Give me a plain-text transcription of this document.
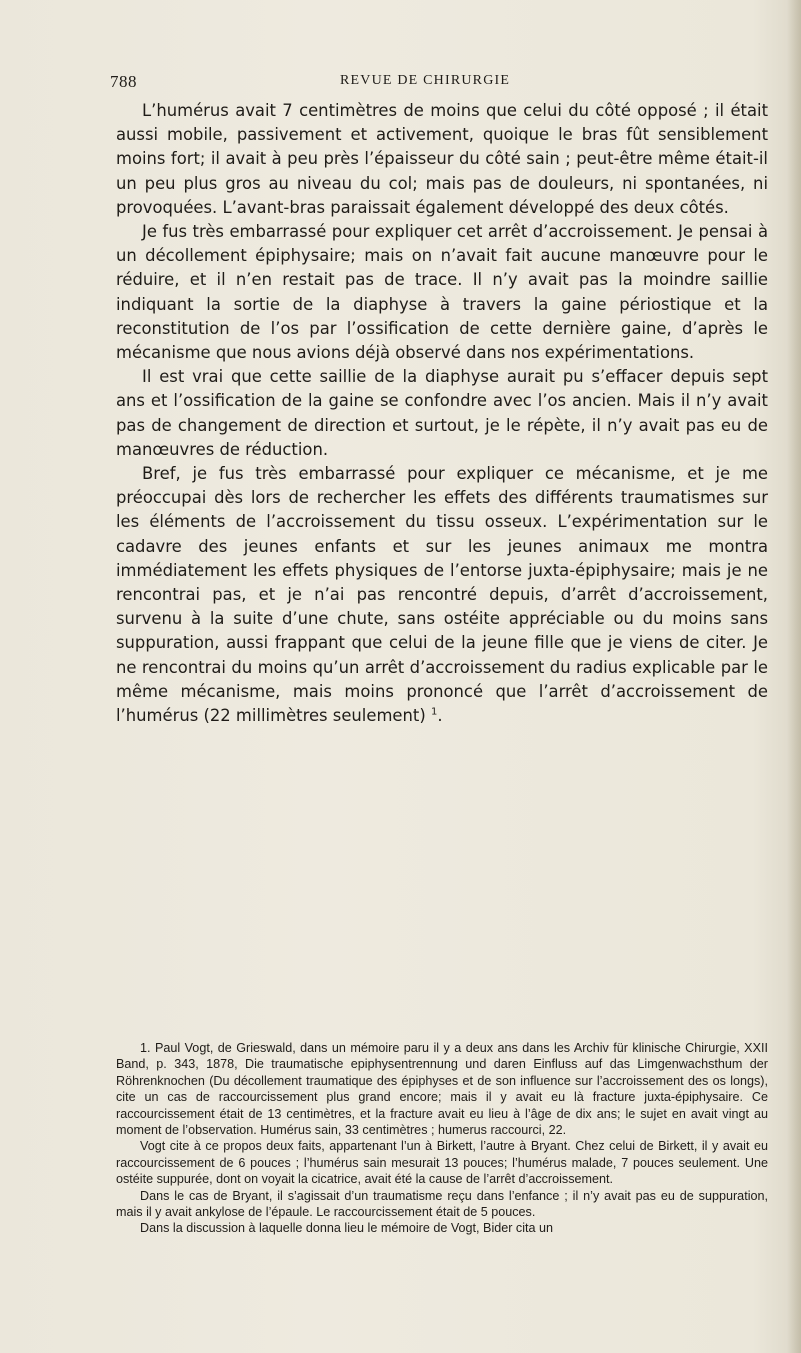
788	REVUE DE CHIRURGIE

L’humérus avait 7 centimètres de moins que celui du côté opposé ; il était aussi mobile, passivement et activement, quoique le bras fût sensiblement moins fort; il avait à peu près l’épaisseur du côté sain ; peut-être même était-il un peu plus gros au niveau du col; mais pas de douleurs, ni spontanées, ni provoquées. L’avant-bras paraissait également développé des deux côtés.

Je fus très embarrassé pour expliquer cet arrêt d’accroissement. Je pensai à un décollement épiphysaire; mais on n’avait fait aucune manœuvre pour le réduire, et il n’en restait pas de trace. Il n’y avait pas la moindre saillie indiquant la sortie de la diaphyse à travers la gaine périostique et la reconstitution de l’os par l’ossification de cette dernière gaine, d’après le mécanisme que nous avions déjà observé dans nos expérimentations.

Il est vrai que cette saillie de la diaphyse aurait pu s’effacer depuis sept ans et l’ossification de la gaine se confondre avec l’os ancien. Mais il n’y avait pas de changement de direction et surtout, je le répète, il n’y avait pas eu de manœuvres de réduction.

Bref, je fus très embarrassé pour expliquer ce mécanisme, et je me préoccupai dès lors de rechercher les effets des différents traumatismes sur les éléments de l’accroissement du tissu osseux. L’expérimentation sur le cadavre des jeunes enfants et sur les jeunes animaux me montra immédiatement les effets physiques de l’entorse juxta-épiphysaire; mais je ne rencontrai pas, et je n’ai pas rencontré depuis, d’arrêt d’accroissement, survenu à la suite d’une chute, sans ostéite appréciable ou du moins sans suppuration, aussi frappant que celui de la jeune fille que je viens de citer. Je ne rencontrai du moins qu’un arrêt d’accroissement du radius explicable par le même mécanisme, mais moins prononcé que l’arrêt d’accroissement de l’humérus (22 millimètres seulement) $^1$.

1. Paul Vogt, de Grieswald, dans un mémoire paru il y a deux ans dans les Archiv für klinische Chirurgie, XXII Band, p. 343, 1878, Die traumatische epiphysentrennung und daren Einfluss auf das Limgenwachsthum der Röhrenknochen (Du décollement traumatique des épiphyses et de son influence sur l’accroissement des os longs), cite un cas de raccourcissement plus grand encore; mais il y avait eu là fracture juxta-épiphysaire. Ce raccourcissement était de 13 centimètres, et la fracture avait eu lieu à l’âge de dix ans; le sujet en avait vingt au moment de l’observation. Humérus sain, 33 centimètres ; humerus raccourci, 22.

Vogt cite à ce propos deux faits, appartenant l’un à Birkett, l’autre à Bryant. Chez celui de Birkett, il y avait eu raccourcissement de 6 pouces ; l’humérus sain mesurait 13 pouces; l’humérus malade, 7 pouces seulement. Une ostéite suppurée, dont on voyait la cicatrice, avait été la cause de l’arrêt d’accroissement.

Dans le cas de Bryant, il s’agissait d’un traumatisme reçu dans l’enfance ; il n’y avait pas eu de suppuration, mais il y avait ankylose de l’épaule. Le raccourcissement était de 5 pouces.

Dans la discussion à laquelle donna lieu le mémoire de Vogt, Bider cita un
